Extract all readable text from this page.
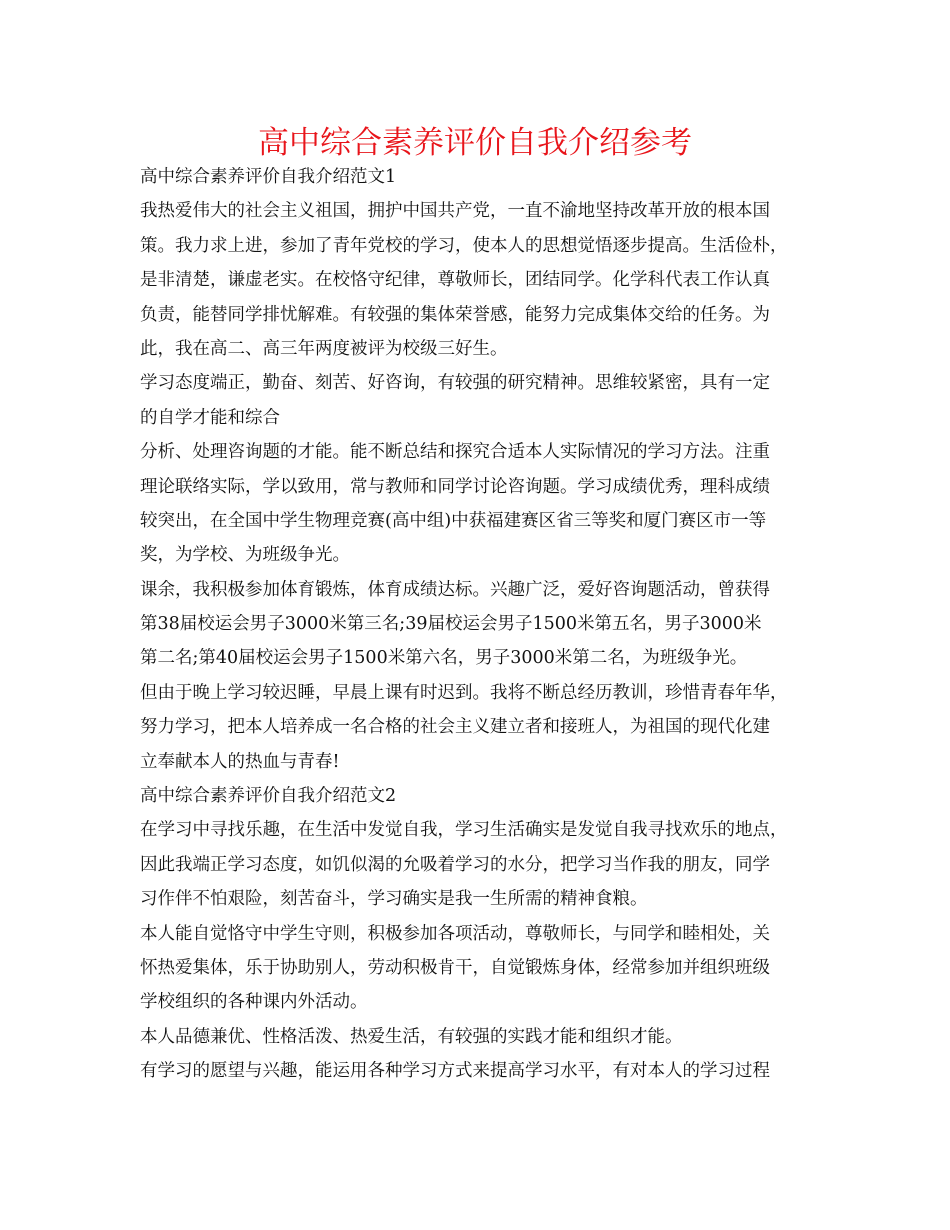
高中综合素养评价自我介绍参考
高中综合素养评价自我介绍范文1
我热爱伟大的社会主义祖国，拥护中国共产党，一直不渝地坚持改革开放的根本国
策。我力求上进，参加了青年党校的学习，使本人的思想觉悟逐步提高。生活俭朴，
是非清楚，谦虚老实。在校恪守纪律，尊敬师长，团结同学。化学科代表工作认真
负责，能替同学排忧解难。有较强的集体荣誉感，能努力完成集体交给的任务。为
此，我在高二、高三年两度被评为校级三好生。
学习态度端正，勤奋、刻苦、好咨询，有较强的研究精神。思维较紧密，具有一定
的自学才能和综合
分析、处理咨询题的才能。能不断总结和探究合适本人实际情况的学习方法。注重
理论联络实际，学以致用，常与教师和同学讨论咨询题。学习成绩优秀，理科成绩
较突出，在全国中学生物理竞赛(高中组)中获福建赛区省三等奖和厦门赛区市一等
奖，为学校、为班级争光。
课余，我积极参加体育锻炼，体育成绩达标。兴趣广泛，爱好咨询题活动，曾获得
第38届校运会男子3000米第三名;39届校运会男子1500米第五名，男子3000米
第二名;第40届校运会男子1500米第六名，男子3000米第二名，为班级争光。
但由于晚上学习较迟睡，早晨上课有时迟到。我将不断总经历教训，珍惜青春年华，
努力学习，把本人培养成一名合格的社会主义建立者和接班人，为祖国的现代化建
立奉献本人的热血与青春!
高中综合素养评价自我介绍范文2
在学习中寻找乐趣，在生活中发觉自我，学习生活确实是发觉自我寻找欢乐的地点，
因此我端正学习态度，如饥似渴的允吸着学习的水分，把学习当作我的朋友，同学
习作伴不怕艰险，刻苦奋斗，学习确实是我一生所需的精神食粮。
本人能自觉恪守中学生守则，积极参加各项活动，尊敬师长，与同学和睦相处，关
怀热爱集体，乐于协助别人，劳动积极肯干，自觉锻炼身体，经常参加并组织班级
学校组织的各种课内外活动。
本人品德兼优、性格活泼、热爱生活，有较强的实践才能和组织才能。
有学习的愿望与兴趣，能运用各种学习方式来提高学习水平，有对本人的学习过程
